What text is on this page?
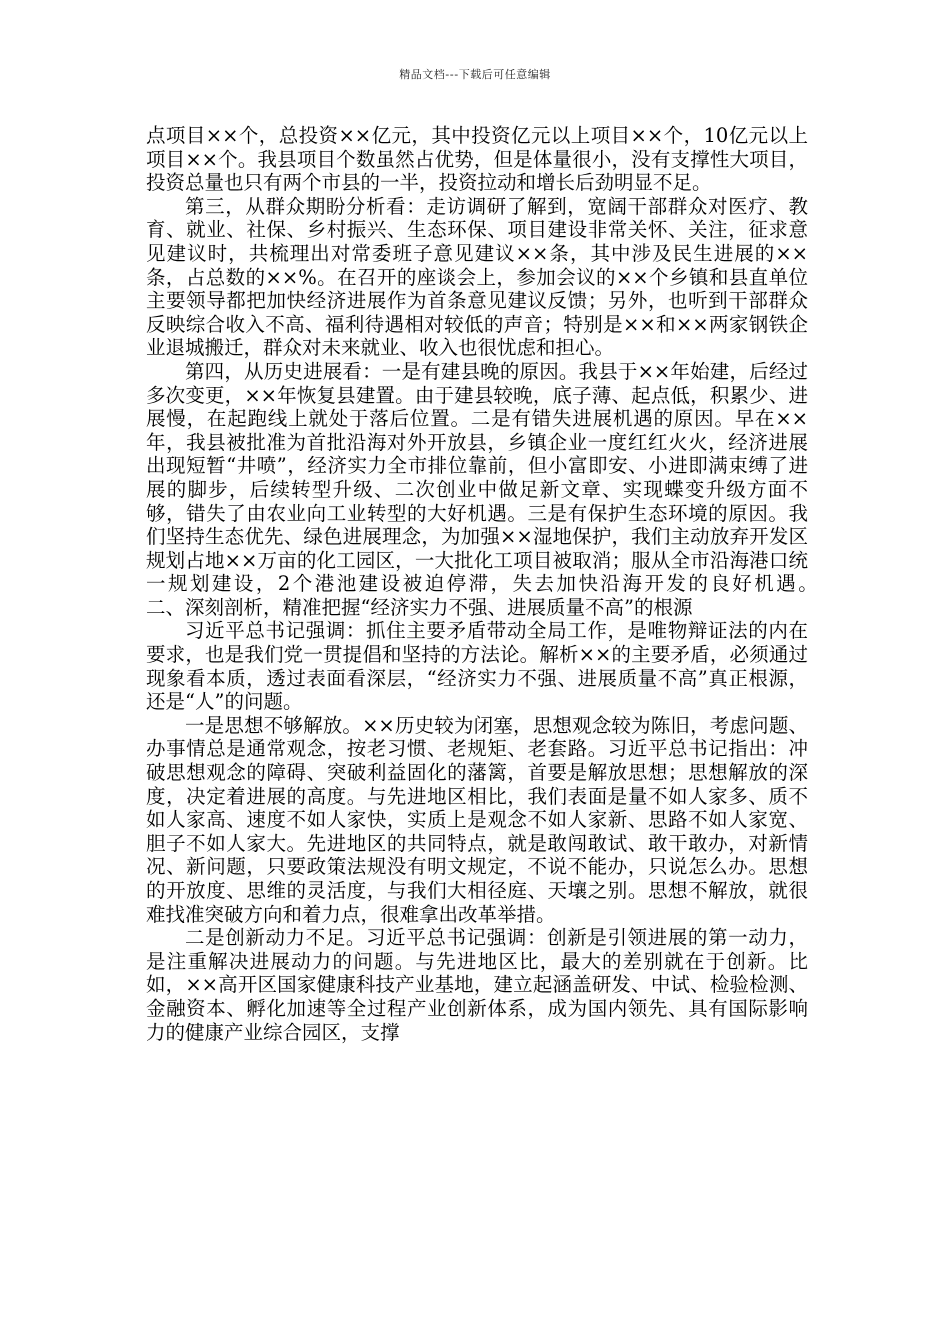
精品文档---下载后可任意编辑

点项目××个，总投资××亿元，其中投资亿元以上项目××个，10亿元以上项目××个。我县项目个数虽然占优势，但是体量很小，没有支撑性大项目，投资总量也只有两个市县的一半，投资拉动和增长后劲明显不足。

第三，从群众期盼分析看：走访调研了解到，宽阔干部群众对医疗、教育、就业、社保、乡村振兴、生态环保、项目建设非常关怀、关注，征求意见建议时，共梳理出对常委班子意见建议××条，其中涉及民生进展的××条，占总数的××%。在召开的座谈会上，参加会议的××个乡镇和县直单位主要领导都把加快经济进展作为首条意见建议反馈；另外，也听到干部群众反映综合收入不高、福利待遇相对较低的声音；特别是××和××两家钢铁企业退城搬迁，群众对未来就业、收入也很忧虑和担心。

第四，从历史进展看：一是有建县晚的原因。我县于××年始建，后经过多次变更，××年恢复县建置。由于建县较晚，底子薄、起点低，积累少、进展慢，在起跑线上就处于落后位置。二是有错失进展机遇的原因。早在××年，我县被批准为首批沿海对外开放县，乡镇企业一度红红火火，经济进展出现短暂“井喷”，经济实力全市排位靠前，但小富即安、小进即满束缚了进展的脚步，后续转型升级、二次创业中做足新文章、实现蝶变升级方面不够，错失了由农业向工业转型的大好机遇。三是有保护生态环境的原因。我们坚持生态优先、绿色进展理念，为加强××湿地保护，我们主动放弃开发区规划占地××万亩的化工园区，一大批化工项目被取消；服从全市沿海港口统一规划建设，2个港池建设被迫停滞，失去加快沿海开发的良好机遇。　　二、深刻剖析，精准把握“经济实力不强、进展质量不高”的根源

习近平总书记强调：抓住主要矛盾带动全局工作，是唯物辩证法的内在要求，也是我们党一贯提倡和坚持的方法论。解析××的主要矛盾，必须通过现象看本质，透过表面看深层，“经济实力不强、进展质量不高”真正根源，还是“人”的问题。

一是思想不够解放。××历史较为闭塞，思想观念较为陈旧，考虑问题、办事情总是通常观念，按老习惯、老规矩、老套路。习近平总书记指出：冲破思想观念的障碍、突破利益固化的藩篱，首要是解放思想；思想解放的深度，决定着进展的高度。与先进地区相比，我们表面是量不如人家多、质不如人家高、速度不如人家快，实质上是观念不如人家新、思路不如人家宽、胆子不如人家大。先进地区的共同特点，就是敢闯敢试、敢干敢办，对新情况、新问题，只要政策法规没有明文规定，不说不能办，只说怎么办。思想的开放度、思维的灵活度，与我们大相径庭、天壤之别。思想不解放，就很难找准突破方向和着力点，很难拿出改革举措。

二是创新动力不足。习近平总书记强调：创新是引领进展的第一动力，是注重解决进展动力的问题。与先进地区比，最大的差别就在于创新。比如，××高开区国家健康科技产业基地，建立起涵盖研发、中试、检验检测、金融资本、孵化加速等全过程产业创新体系，成为国内领先、具有国际影响力的健康产业综合园区，支撑
